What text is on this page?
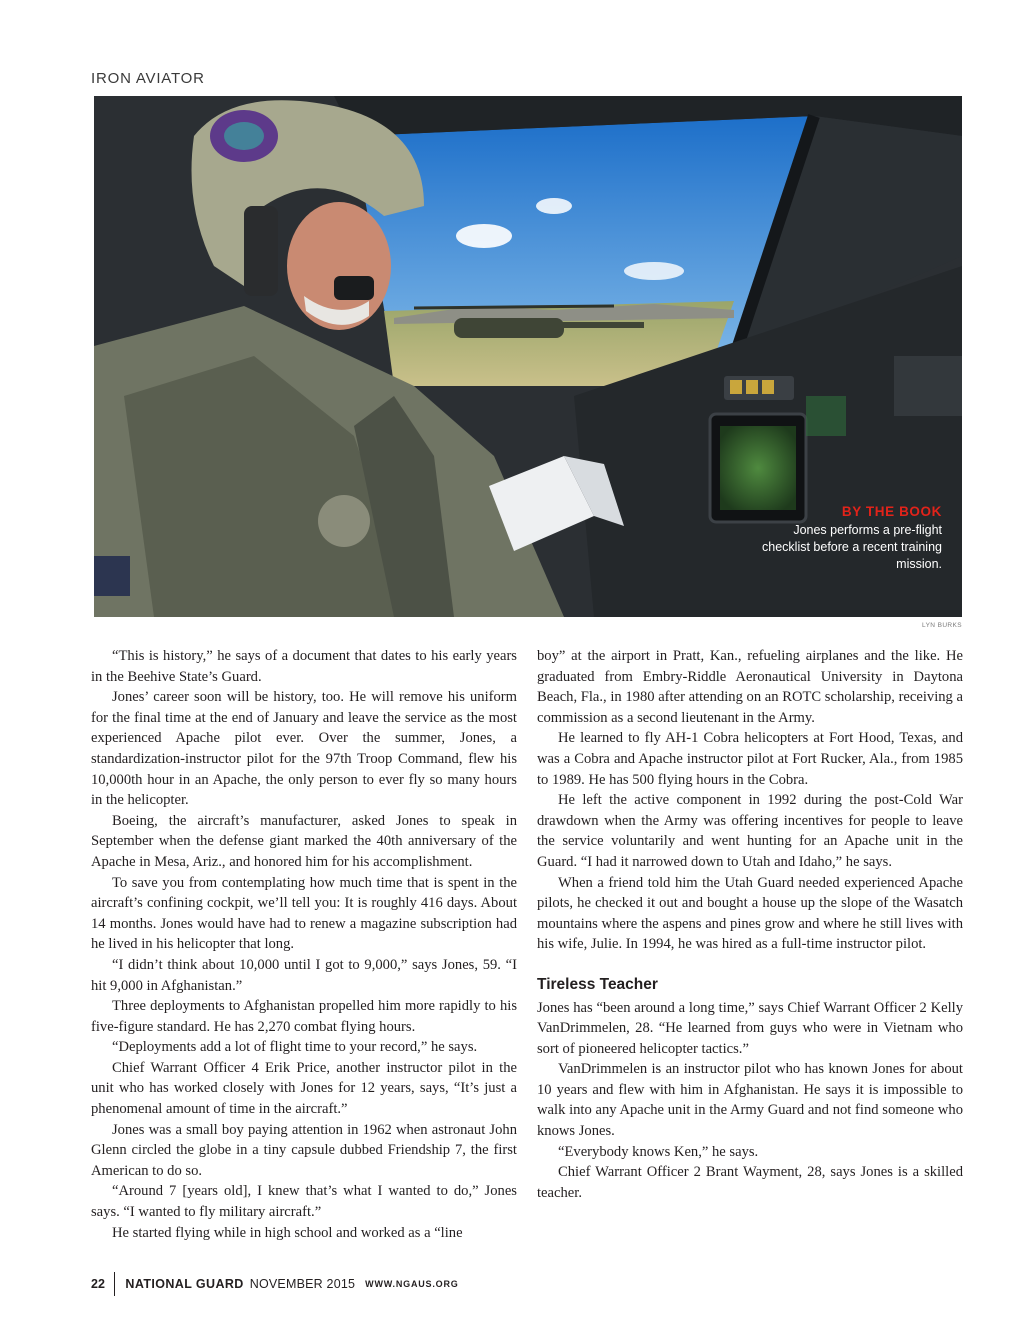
IRON AVIATOR
BY THE BOOK
Jones performs a pre-flight checklist before a recent training mission.
LYN BURKS

“This is history,” he says of a document that dates to his early years in the Beehive State’s Guard.

Jones’ career soon will be history, too. He will remove his uniform for the final time at the end of January and leave the service as the most experienced Apache pilot ever. Over the summer, Jones, a standardization-instructor pilot for the 97th Troop Command, flew his 10,000th hour in an Apache, the only person to ever fly so many hours in the helicopter.

Boeing, the aircraft’s manufacturer, asked Jones to speak in September when the defense giant marked the 40th anniversary of the Apache in Mesa, Ariz., and honored him for his accomplishment.

To save you from contemplating how much time that is spent in the aircraft’s confining cockpit, we’ll tell you: It is roughly 416 days. About 14 months. Jones would have had to renew a magazine subscription had he lived in his helicopter that long.

“I didn’t think about 10,000 until I got to 9,000,” says Jones, 59. “I hit 9,000 in Afghanistan.”

Three deployments to Afghanistan propelled him more rapidly to his five-figure standard. He has 2,270 combat flying hours.

“Deployments add a lot of flight time to your record,” he says.

Chief Warrant Officer 4 Erik Price, another instructor pilot in the unit who has worked closely with Jones for 12 years, says, “It’s just a phenomenal amount of time in the aircraft.”

Jones was a small boy paying attention in 1962 when astronaut John Glenn circled the globe in a tiny capsule dubbed Friendship 7, the first American to do so.

“Around 7 [years old], I knew that’s what I wanted to do,” Jones says. “I wanted to fly military aircraft.”

He started flying while in high school and worked as a “line

boy” at the airport in Pratt, Kan., refueling airplanes and the like. He graduated from Embry-Riddle Aeronautical University in Daytona Beach, Fla., in 1980 after attending on an ROTC scholarship, receiving a commission as a second lieutenant in the Army.

He learned to fly AH-1 Cobra helicopters at Fort Hood, Texas, and was a Cobra and Apache instructor pilot at Fort Rucker, Ala., from 1985 to 1989. He has 500 flying hours in the Cobra.

He left the active component in 1992 during the post-Cold War drawdown when the Army was offering incentives for people to leave the service voluntarily and went hunting for an Apache unit in the Guard. “I had it narrowed down to Utah and Idaho,” he says.

When a friend told him the Utah Guard needed experienced Apache pilots, he checked it out and bought a house up the slope of the Wasatch mountains where the aspens and pines grow and where he still lives with his wife, Julie. In 1994, he was hired as a full-time instructor pilot.

Tireless Teacher

Jones has “been around a long time,” says Chief Warrant Officer 2 Kelly VanDrimmelen, 28. “He learned from guys who were in Vietnam who sort of pioneered helicopter tactics.”

VanDrimmelen is an instructor pilot who has known Jones for about 10 years and flew with him in Afghanistan. He says it is impossible to walk into any Apache unit in the Army Guard and not find someone who knows Jones.

“Everybody knows Ken,” he says.

Chief Warrant Officer 2 Brant Wayment, 28, says Jones is a skilled teacher.

22 NATIONAL GUARD NOVEMBER 2015 WWW.NGAUS.ORG
